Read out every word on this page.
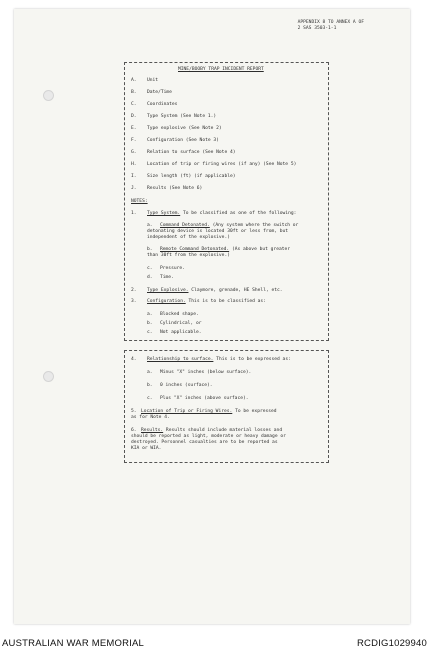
APPENDIX 8 TO ANNEX A OF
2 SAS 3503-1-1
MINE/BOOBY TRAP INCIDENT REPORT
A. Unit
B. Date/Time
C. Coordinates
D. Type System (See Note 1.)
E. Type explosive (See Note 2)
F. Configuration (See Note 3)
G. Relation to surface (See Note 4)
H. Location of trip or firing wires (if any) (See Note 5)
I. Size length (ft) (if applicable)
J. Results (See Note 6)
NOTES:
1. Type System. To be classified as one of the following:
a. Command Detonated. (Any system where the switch or
detonating device is located 30ft or less from, but
independent of the explosive.)
b. Remote Command Detonated. (As above but greater
than 30ft from the explosive.)
c. Pressure.
d. Time.
2. Type Explosive. Claymore, grenade, HE Shell, etc.
3. Configuration. This is to be classified as:
a. Blocked shape.
b. Cylindrical, or
c. Not applicable.
4. Relationship to surface. This is to be expressed as:
a. Minus "X" inches (below surface).
b. 0 inches (surface).
c. Plus "X" inches (above surface).
5. Location of Trip or Firing Wires. To be expressed
as for Note 4.
6. Results. Results should include material losses and
should be reported as light, moderate or heavy damage or
destroyed. Personnel casualties are to be reported as
KIA or WIA.
AUSTRALIAN WAR MEMORIAL	RCDIG1029940
